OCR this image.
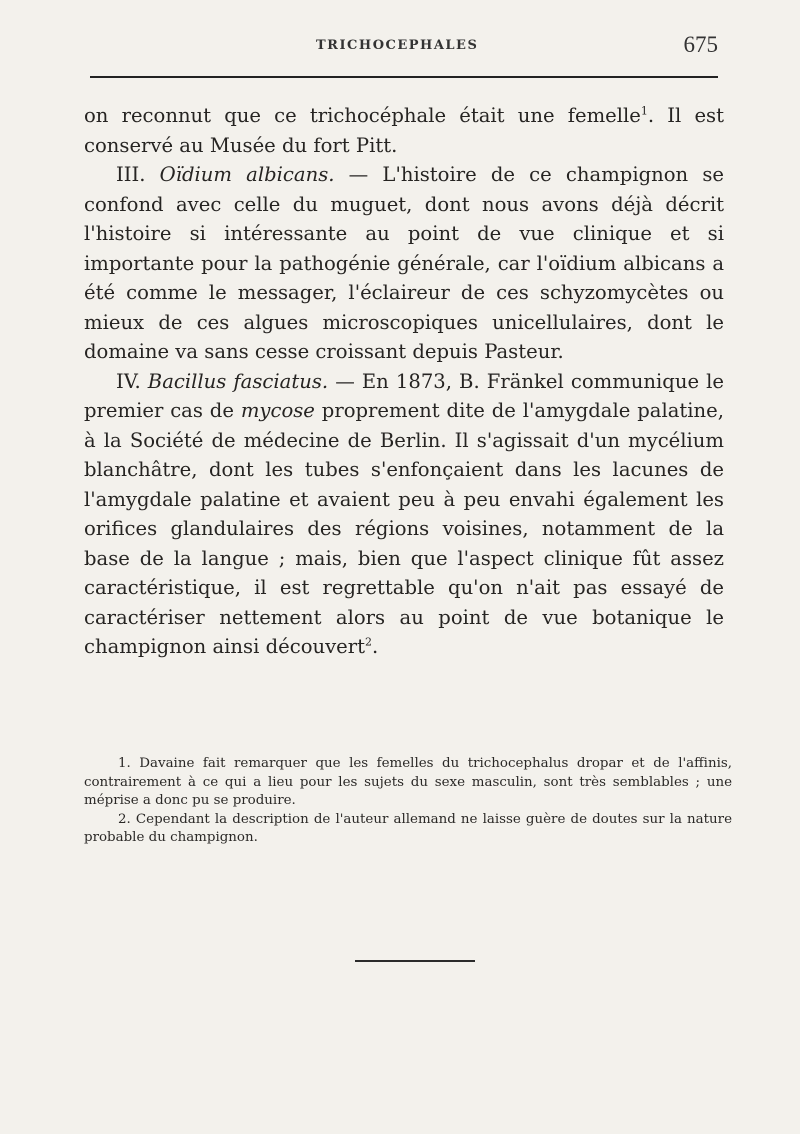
TRICHOCEPHALES	675

on reconnut que ce trichocéphale était une femelle$^1$. Il est conservé au Musée du fort Pitt.

III. Oïdium albicans. — L'histoire de ce champignon se confond avec celle du muguet, dont nous avons déjà décrit l'histoire si intéressante au point de vue clinique et si importante pour la pathogénie générale, car l'oïdium albicans a été comme le messager, l'éclaireur de ces schyzomycètes ou mieux de ces algues microscopiques unicellulaires, dont le domaine va sans cesse croissant depuis Pasteur.

IV. Bacillus fasciatus. — En 1873, B. Fränkel communique le premier cas de mycose proprement dite de l'amygdale palatine, à la Société de médecine de Berlin. Il s'agissait d'un mycélium blanchâtre, dont les tubes s'enfonçaient dans les lacunes de l'amygdale palatine et avaient peu à peu envahi également les orifices glandulaires des régions voisines, notamment de la base de la langue ; mais, bien que l'aspect clinique fût assez caractéristique, il est regrettable qu'on n'ait pas essayé de caractériser nettement alors au point de vue botanique le champignon ainsi découvert$^2$.

1. Davaine fait remarquer que les femelles du trichocephalus dropar et de l'affinis, contrairement à ce qui a lieu pour les sujets du sexe masculin, sont très semblables ; une méprise a donc pu se produire.

2. Cependant la description de l'auteur allemand ne laisse guère de doutes sur la nature probable du champignon.
